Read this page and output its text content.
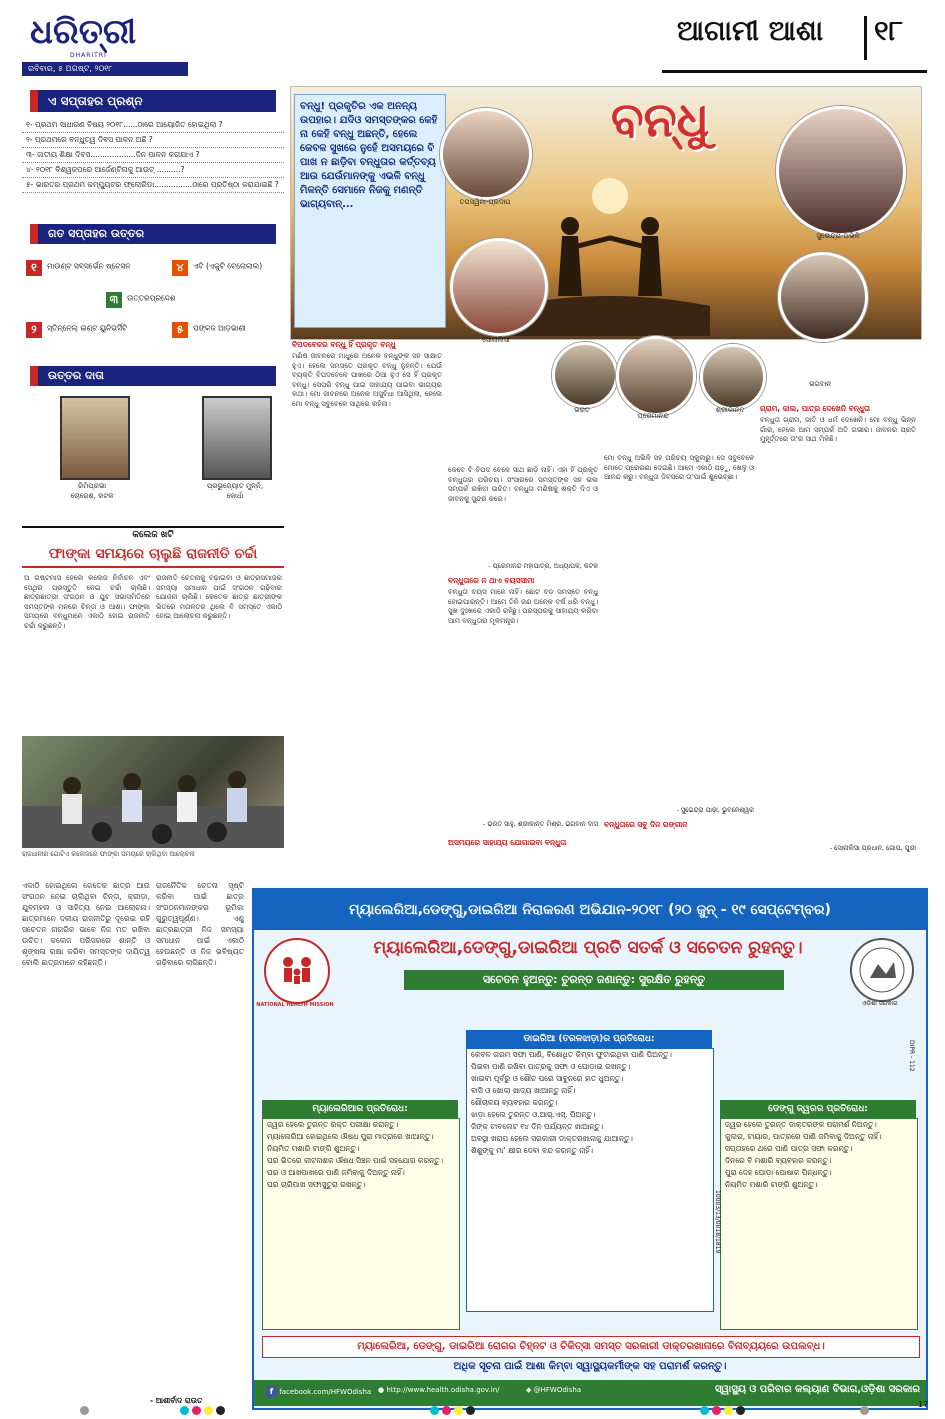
ଧରିତ୍ରୀ
DHARITRI
ରବିବାର, ୫ ଅଗଷ୍ଟ, ୨୦୧୮
ଆଗାମୀ ଆଶା ୧୮
ଏ ସପ୍ତାହର ପ୍ରଶ୍ନ
୧- ପ୍ରଥମ ସାଧାରଣ ବିଷୟ ୨୦୧୮......ଠାରେ ଆୟୋଜିତ ହୋଇଥିଲା ?
୨- ପ୍ରଥମରେ ବନ୍ଧୁତ୍ୱ ଦିଵସ ପାଳନ ଅଛି ?
୩- ଜାତୀୟ ଶିକ୍ଷା ଦିବସ...................ଦିନ ପାଳନ କରାଯାଏ ?
୪- ୨୦୧୮ ବିଶ୍ୱକପରେ ଆର୍ଜେଣ୍ଟିନାକୁ ଆଉଟ୍ ..........?
୫- ଭାରତର ପ୍ରଥମ କମ୍ପ୍ୟୁଟର ଫ୍ଲୋରିଡା................ଠାରେ ପ୍ରତିଷ୍ଠା କରାଯାଇଛି ?
ଗତ ସପ୍ତାହର ଉତ୍ତର
୧ ମାଉଣ୍ଟ ସବ୍‌ସର୍ଭେନ ଷ୍ଟେସନ	୪ ଏଟି (ଏକୁଟି ଟେନୋଲାଲ)
୩ ଉତ୍ତରପ୍ରଦେଶ
୨ ସ୍ତିନ୍‌ନେଲ୍ ଇଣ୍ଟ ୟୁନିଭର୍ସିଟି	୫ ପଙ୍କଜ ଆଡ଼ଭାଣୀ
ଉତ୍ତର ଦାତା
ରିମିପ୍ରଭା
ଚୋରେଶ, କଟକ
ପ୍ରଭୁଜ୍ୟୋତ ମୁନ୍ନି,
କୋର୍ଧା
କଲେଜ ଖଟି
ଫାଙ୍କା ସମୟରେ ଚାଲୁଛି ରାଜନୀତି ଚର୍ଚ୍ଚା
ଅ ଗଷ୍ଟମାସ ହେଲେ କଲେଜ ନିର୍ବାଚନ ଏବଂ ସେଥିର ପ୍ରସ୍ତୁତି ନେଇ ଚର୍ଚ୍ଚା ଚାଲିଛି। ଛାତ୍ରଛାତ୍ରୀ ସଂଗଠନ ଓ ଯୁବ ସଭାସମିତିରେ ସମସ୍ତଙ୍କ ମନରେ ଚିନ୍ତା ଓ ଆଶା। ଫାଙ୍କା ସମୟରେ ବନ୍ଧୁମାନେ ଏକାଠି ହୋଇ ରାଜନୀତି ଚର୍ଚ୍ଚା କରୁଛନ୍ତି।
ରାଜନୀତି ଚେତନାକୁ ବଢ଼ାଇବା ଓ ଛାତ୍ରସମାଜର ସମସ୍ୟା ସମାଧାନ ପାଇଁ ସଂଗଠନ ଗଢ଼ିବାର ଯୋଜନା ଚାଲିଛି। କେତେକ ଛାତ୍ର ଛାତ୍ରୀଙ୍କ ଭିତରେ ମତାନ୍ତର ଥିଲେ ବି ସମସ୍ତେ ଏକାଠି ହୋଇ ଆଲୋଚନା କରୁଛନ୍ତି।
ରାଜଧାନୀର ଗୋଟିଏ କଲେଜରେ ଫାଙ୍କା ସମୟରେ ଚାଲିଥିବା ଆଲୋଚନା
ଏକାଠି ହୋଇଥିଲେ କେତେକ ଛାତ୍ର ଆଉ ସଂଗଠନ ନେଇ ଚାଲିଥିବା ଚିନ୍ତା, କ୍ରୀଡ଼ା, ଯୁବମହଲ ଓ ସାହିତ୍ୟ ନେଇ ଆଲୋଚନା। ଛାତ୍ରମାନେ ଦଳୀୟ ରାଜନୀତିରୁ ଦୂରେଇ ରହି ସଚେତନ ନାଗରିକ ଭାବେ ନିଜ ମତ ରଖିବା ଉଚିତ। କଲେଜ ପରିସରରେ ଶାନ୍ତି ଓ ଶୃଙ୍ଖଳା ରକ୍ଷା କରିବା ସମସ୍ତଙ୍କ ଦାୟିତ୍ୱ ବୋଲି ଛାତ୍ରମାନେ କହିଛନ୍ତି।
ରାଜନୈତିକ ଚେତନା ସୃଷ୍ଟି କରିବା ପାଇଁ ଛାତ୍ର ସଂଗଠନମାନଙ୍କର ଭୂମିକା ଗୁରୁତ୍ୱପୂର୍ଣ୍ଣ। ଏଣୁ ଛାତ୍ରଛାତ୍ରୀ ନିଜ ସମସ୍ୟା ସମାଧାନ ପାଇଁ ଏକାଠି ହେଉଛନ୍ତି ଓ ନିଜ ଭବିଷ୍ୟତ ଗଢ଼ିବାରେ ଲାଗିଛନ୍ତି।
- ଆଶୀର୍ବାଦ ରାଉତ
ବନ୍ଧୁ! ପ୍ରକୃତିର ଏକ ଅନନ୍ୟ ଉପହାର। ଯଦିଓ ସମସ୍ତଙ୍କର କେହି ନା କେହି ବନ୍ଧୁ ଅଛନ୍ତି, ହେଲେ କେବଳ ସୁଖରେ ନୁହେଁ ଅସମୟରେ ବି ପାଖ ନ ଛାଡ଼ିବା ବନ୍ଧୁତାର କର୍ତ୍ତବ୍ୟ ଆଉ ଯେଉଁମାନଙ୍କୁ ଏଭଳି ବନ୍ଧୁ ମିଳନ୍ତି ସେମାନେ ନିଜକୁ ମଣନ୍ତି ଭାଗ୍ୟବାନ୍...
ବନ୍ଧୁ
ତପସ୍ୱିନୀ-ପ୍ରଦୀପ
ସୁଭେନ୍ଦ୍ରା-ଅଭିଳି
ସୋନାଲିସା
ଭଗବାନ
ଭରତ
ପ୍ରେମାନନ୍ଦ
ଶ୍ରୀକାନ୍ତ
ବିପଦବେଳର ବନ୍ଧୁ ହିଁ ପ୍ରକୃତ ବନ୍ଧୁ
ମଣିଷ ଜୀବନରେ ମାଧୁରେ ଅନେକ ବନ୍ଧୁଙ୍କ ସହ ସାକ୍ଷାତ ହୁଏ। ହେଲେ ସମସ୍ତେ ପ୍ରକୃତ ବନ୍ଧୁ ନୁହନ୍ତି। ଯେଉଁ ବ୍ୟକ୍ତି ବିପଦବେଳେ ପାଖରେ ଠିଆ ହୁଏ ସେ ହିଁ ପ୍ରକୃତ ବନ୍ଧୁ। ସେପରି ବନ୍ଧୁ ପାଇ ସାହାଯ୍ୟ ପାଇବା ଭାଗ୍ୟର କଥା। ମୋ ଜୀବନରେ ଅନେକ ଅସୁବିଧା ଆସିଥିଲା, ହେଲେ ମୋ ବନ୍ଧୁ ସବୁବେଳେ ସାଥିରେ ରହିଲା।
କେବେ ବି ବିପଦ ବେଳେ ସାଥ ଛାଡ଼ି ନାହିଁ। ଏହା ହିଁ ପ୍ରକୃତ ବନ୍ଧୁତାର ପରିଚୟ। ସଂସାରରେ ସମସ୍ତଙ୍କ ସହ ଭଲ ସମ୍ପର୍କ ରଖିବା ଉଚିତ। ବନ୍ଧୁତା ମଣିଷକୁ ଶକ୍ତି ଦିଏ ଓ ଜୀବନକୁ ସୁନ୍ଦର କରେ।
- ପ୍ରେମାନନ୍ଦ ମହାପାତ୍ର, ଅଧ୍ୟାପକ, କଟକ
ବନ୍ଧୁତାରେ ନ ଥାଏ ବୟସସୀମା
ବନ୍ଧୁତା ବୟସ ମାନେ ନାହିଁ। ଛୋଟ ବଡ଼ ସମସ୍ତେ ବନ୍ଧୁ ହୋଇପାରନ୍ତି। ଆମେ ତିନି ଜଣ ଅନେକ ବର୍ଷ ଧରି ବନ୍ଧୁ। ସୁଖ ଦୁଃଖରେ ଏକାଠି ରହିଛୁ। ପରସ୍ପରକୁ ସାହାଯ୍ୟ କରିବା ଆମ ବନ୍ଧୁତାର ମୂଳମନ୍ତ୍ର।
- ଭରତ ସାହୁ, ଶ୍ରୀକାନ୍ତ ମିଶ୍ର, ଭଗବାନ ଦାସ
ଅସମୟରେ ସାହାଯ୍ୟ ଯୋଗାଇବା ବନ୍ଧୁତା
ମୋ ବନ୍ଧୁ ଅଭିଳି ସହ ପରିଚୟ ସ୍କୁଲରୁ। ସେ ସବୁବେଳେ ମୋତେ ପ୍ରେରଣା ଦେଇଛି। ଆମେ ଏକାଠି ପଢ଼ୁ, ଖେଳୁ ଓ ଆନନ୍ଦ କରୁ। ବନ୍ଧୁତା ଦିବସରେ ତା'ପାଇଁ ଶୁଭେଚ୍ଛା।
- ସୁଭେନ୍ଦ୍ରା ପାଢ଼ୀ, ଭୁବନେଶ୍ୱର
ବନ୍ଧୁତାରେ ସବୁ ଦିନ ରଙ୍ଗୀନ
ଗ୍ରାମ, ଜାଲ, ପାତ୍ର ଦେଖେନି ବନ୍ଧୁତା
ବନ୍ଧୁତା ଗ୍ରାମ, ଜାତି ଓ ଧର୍ମ ଦେଖେନି। ମୋ ବନ୍ଧୁ ଭିନ୍ନ ଗାଁର, ହେଲେ ଆମ ସମ୍ପର୍କ ଅତି ଗଭୀର। ଜୀବନର ପ୍ରତି ମୁହୂର୍ତ୍ତରେ ତା'ର ସାଥ ମିଳିଛି।
- ସୋନାଲିସା ପ୍ରଧାନ, ଗୋପ, ପୁରୀ
ମ୍ୟାଲେରିଆ,ଡେଙ୍ଗୁ,ଡାଇରିଆ ନିରାକରଣ ଅଭିଯାନ-୨୦୧୮ (୨୦ ଜୁନ୍ - ୧୯ ସେପ୍ଟେମ୍ବର)
NATIONAL HEALTH MISSION
ମ୍ୟାଲେରିଆ,ଡେଙ୍ଗୁ,ଡାଇରିଆ ପ୍ରତି ସତର୍କ ଓ ସଚେତନ ରୁହନ୍ତୁ।
ସଚେତନ ହୁଅନ୍ତୁ: ତୁରନ୍ତ ଜଣାନ୍ତୁ: ସୁରକ୍ଷିତ ରୁହନ୍ତୁ
ଓଡ଼ିଶା ସରକାର
DIPR - 112
ଡାଇରିଆ (ତରଳଝାଡ଼ା)ର ପ୍ରତିରୋଧ:
କେବଳ ଗରମ ସଫା ପାଣି, ବିଶୋଧିତ କିମ୍ବା ଫୁଟାଇଥିବା ପାଣି ପିଅନ୍ତୁ।
ପିଇବା ପାଣି ରଖିବା ପାତ୍ରକୁ ସଫା ଓ ଘୋଡ଼ାଇ ରଖନ୍ତୁ।
ଖାଇବା ପୂର୍ବରୁ ଓ ଶୌଚ ପରେ ସାବୁନରେ ହାତ ଧୁଅନ୍ତୁ।
ବାସି ଓ ଖୋଲା ଖାଦ୍ୟ ଖାଆନ୍ତୁ ନାହିଁ।
ଶୌଚାଳୟ ବ୍ୟବହାର କରନ୍ତୁ।
ଝାଡ଼ା ହେଲେ ତୁରନ୍ତ ଓ.ଆର୍.ଏସ୍. ପିଅନ୍ତୁ।
ଜିଙ୍କ ଟାବଲେଟ ୧୪ ଦିନ ପର୍ଯ୍ୟନ୍ତ ଖାଆନ୍ତୁ।
ଅବସ୍ଥା ଖରାପ ହେଲେ ସରକାରୀ ଡାକ୍ତରଖାନାକୁ ଯାଆନ୍ତୁ।
ଶିଶୁଙ୍କୁ ମା' କ୍ଷୀର ଦେବା ବନ୍ଦ କରନ୍ତୁ ନାହିଁ।
ମ୍ୟାଲେରିଆର ପ୍ରତିରୋଧ:
ଜ୍ୱର ହେଲେ ତୁରନ୍ତ ରକ୍ତ ପରୀକ୍ଷା କରାନ୍ତୁ।
ମ୍ୟାଲେରିଆ ହୋଇଥିଲେ ଔଷଧ ପୁରା ମାତ୍ରାରେ ଖାଆନ୍ତୁ।
ନିୟମିତ ମଶାରି ଟାଙ୍ଗି ଶୁଅନ୍ତୁ।
ଘର ଭିତରେ କୀଟନାଶକ ଔଷଧ ସିଞ୍ଚନ ପାଇଁ ସହଯୋଗ କରନ୍ତୁ।
ଘର ଓ ଆଖପାଖରେ ପାଣି ଜମିବାକୁ ଦିଅନ୍ତୁ ନାହିଁ।
ଘର ଚାରିପାଖ ସଫାସୁତୁରା ରଖନ୍ତୁ।
ଡେଙ୍ଗୁ ଜ୍ୱରର ପ୍ରତିରୋଧ:
ଜ୍ୱର ହେଲେ ତୁରନ୍ତ ଡାକ୍ତରଙ୍କ ପରାମର୍ଶ ନିଅନ୍ତୁ।
କୁଲର, ଟାୟାର, ପାତ୍ରରେ ପାଣି ଜମିବାକୁ ଦିଅନ୍ତୁ ନାହିଁ।
ସପ୍ତାହରେ ଥରେ ପାଣି ପାତ୍ର ସଫା କରନ୍ତୁ।
ଦିନରେ ବି ମଶାରି ବ୍ୟବହାର କରନ୍ତୁ।
ପୁରା ଦେହ ଘୋଡ଼ା ପୋଷାକ ପିନ୍ଧନ୍ତୁ।
ନିୟମିତ ମଶାରି ଟାଙ୍ଗି ଶୁଅନ୍ତୁ।
10003/13/0018/1819
ମ୍ୟାଲେରିଆ, ଡେଙ୍ଗୁ, ଡାଇରିଆ ରୋଗର ଚିହ୍ନଟ ଓ ଚିକିତ୍ସା ସମସ୍ତ ସରକାରୀ ଡାକ୍ତରଖାନାରେ ବିନାବ୍ୟୟରେ ଉପଲବ୍ଧ।
ଅଧିକ ସୂଚନା ପାଇଁ ଆଶା କିମ୍ବା ସ୍ୱାସ୍ଥ୍ୟକର୍ମୀଙ୍କ ସହ ପରାମର୍ଶ କରନ୍ତୁ।
f facebook.com/HFWOdisha ● http://www.health.odisha.gov.in/	◆ @HFWOdisha	ସ୍ୱାସ୍ଥ୍ୟ ଓ ପରିବାର କଲ୍ୟାଣ ବିଭାଗ,ଓଡ଼ିଶା ସରକାର
17
